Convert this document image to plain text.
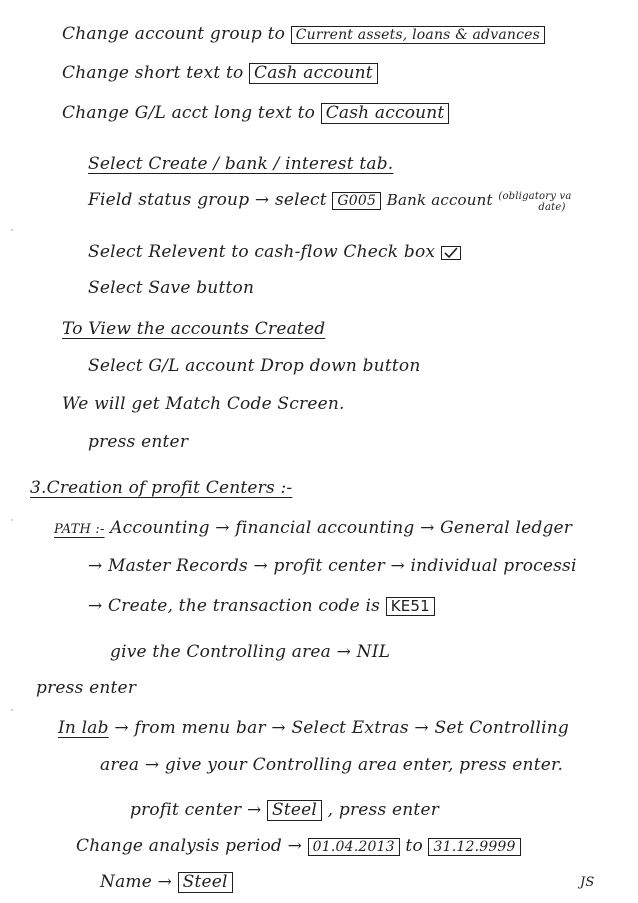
Change account group to Current assets, loans & advances
Change short text to Cash account
Change G/L acct long text to Cash account
Select Create / bank / interest tab.
Field status group → select G005 Bank account (obligatory va
date)
Select Relevent to cash-flow Check box
Select Save button
To View the accounts Created
Select G/L account Drop down button
We will get Match Code Screen.
press enter
3.Creation of profit Centers :-
PATH :- Accounting → financial accounting → General ledger
→ Master Records → profit center → individual processi
→ Create, the transaction code is KE51
give the Controlling area → NIL
press enter
In lab → from menu bar → Select Extras → Set Controlling
area → give your Controlling area enter, press enter.
profit center → Steel , press enter
Change analysis period → 01.04.2013 to 31.12.9999
Name → Steel	JS
